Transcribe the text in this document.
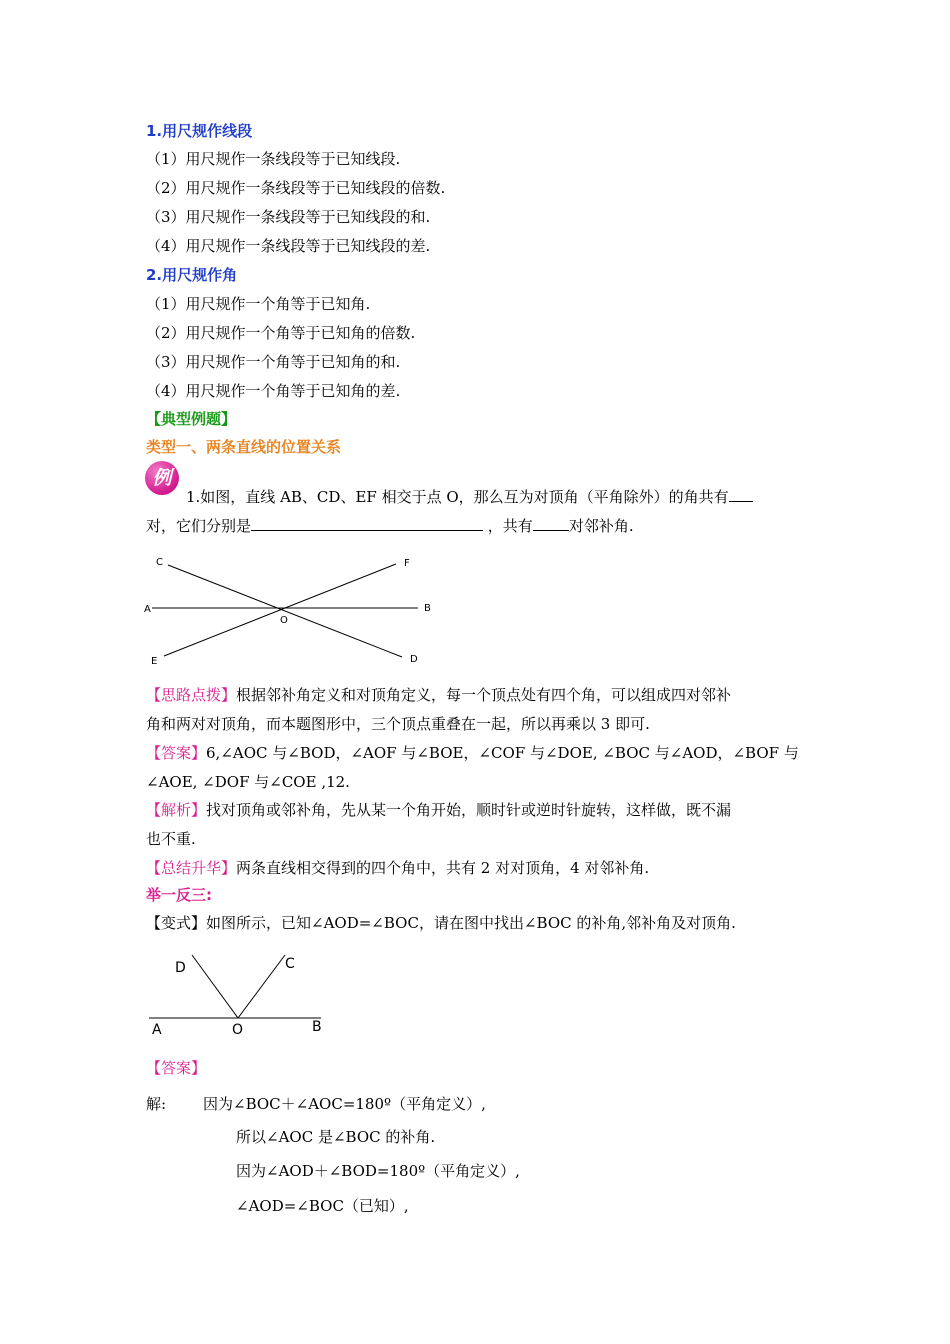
1.用尺规作线段
（1）用尺规作一条线段等于已知线段.
（2）用尺规作一条线段等于已知线段的倍数.
（3）用尺规作一条线段等于已知线段的和.
（4）用尺规作一条线段等于已知线段的差.
2.用尺规作角
（1）用尺规作一个角等于已知角.
（2）用尺规作一个角等于已知角的倍数.
（3）用尺规作一个角等于已知角的和.
（4）用尺规作一个角等于已知角的差.
【典型例题】
类型一、两条直线的位置关系
例
1.如图，直线 AB、CD、EF 相交于点 O，那么互为对顶角（平角除外）的角共有
对，它们分别是	，共有 对邻补角.
C	F
A	B
O
E	D
【思路点拨】根据邻补角定义和对顶角定义，每一个顶点处有四个角，可以组成四对邻补
角和两对对顶角，而本题图形中，三个顶点重叠在一起，所以再乘以 3 即可.
【答案】6,∠AOC 与∠BOD，∠AOF 与∠BOE，∠COF 与∠DOE, ∠BOC 与∠AOD，∠BOF 与
∠AOE, ∠DOF 与∠COE ,12.
【解析】找对顶角或邻补角，先从某一个角开始，顺时针或逆时针旋转，这样做，既不漏
也不重.
【总结升华】两条直线相交得到的四个角中，共有 2 对对顶角，4 对邻补角.
举一反三:
【变式】如图所示，已知∠AOD=∠BOC，请在图中找出∠BOC 的补角,邻补角及对顶角.
D	C
A	O	B
【答案】
解: 因为∠BOC＋∠AOC=180º（平角定义）,
所以∠AOC 是∠BOC 的补角.
因为∠AOD＋∠BOD=180º（平角定义）,
∠AOD=∠BOC（已知）,
